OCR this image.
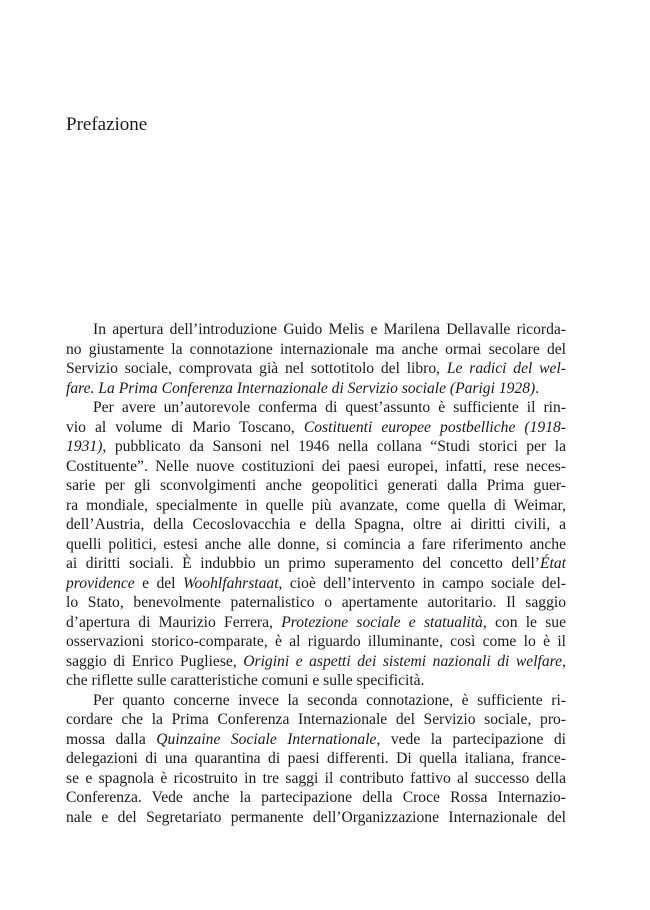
Prefazione
In apertura dell’introduzione Guido Melis e Marilena Dellavalle ricorda-
no giustamente la connotazione internazionale ma anche ormai secolare del
Servizio sociale, comprovata già nel sottotitolo del libro, Le radici del wel-
fare. La Prima Conferenza Internazionale di Servizio sociale (Parigi 1928).
Per avere un’autorevole conferma di quest’assunto è sufficiente il rin-
vio al volume di Mario Toscano, Costituenti europee postbelliche (1918-
1931), pubblicato da Sansoni nel 1946 nella collana “Studi storici per la
Costituente”. Nelle nuove costituzioni dei paesi europei, infatti, rese neces-
sarie per gli sconvolgimenti anche geopolitici generati dalla Prima guer-
ra mondiale, specialmente in quelle più avanzate, come quella di Weimar,
dell’Austria, della Cecoslovacchia e della Spagna, oltre ai diritti civili, a
quelli politici, estesi anche alle donne, si comincia a fare riferimento anche
ai diritti sociali. È indubbio un primo superamento del concetto dell’État
providence e del Woohlfahrstaat, cioè dell’intervento in campo sociale del-
lo Stato, benevolmente paternalistico o apertamente autoritario. Il saggio
d’apertura di Maurizio Ferrera, Protezione sociale e statualità, con le sue
osservazioni storico-comparate, è al riguardo illuminante, così come lo è il
saggio di Enrico Pugliese, Origini e aspetti dei sistemi nazionali di welfare,
che riflette sulle caratteristiche comuni e sulle specificità.
Per quanto concerne invece la seconda connotazione, è sufficiente ri-
cordare che la Prima Conferenza Internazionale del Servizio sociale, pro-
mossa dalla Quinzaine Sociale Internationale, vede la partecipazione di
delegazioni di una quarantina di paesi differenti. Di quella italiana, france-
se e spagnola è ricostruito in tre saggi il contributo fattivo al successo della
Conferenza. Vede anche la partecipazione della Croce Rossa Internazio-
nale e del Segretariato permanente dell’Organizzazione Internazionale del
